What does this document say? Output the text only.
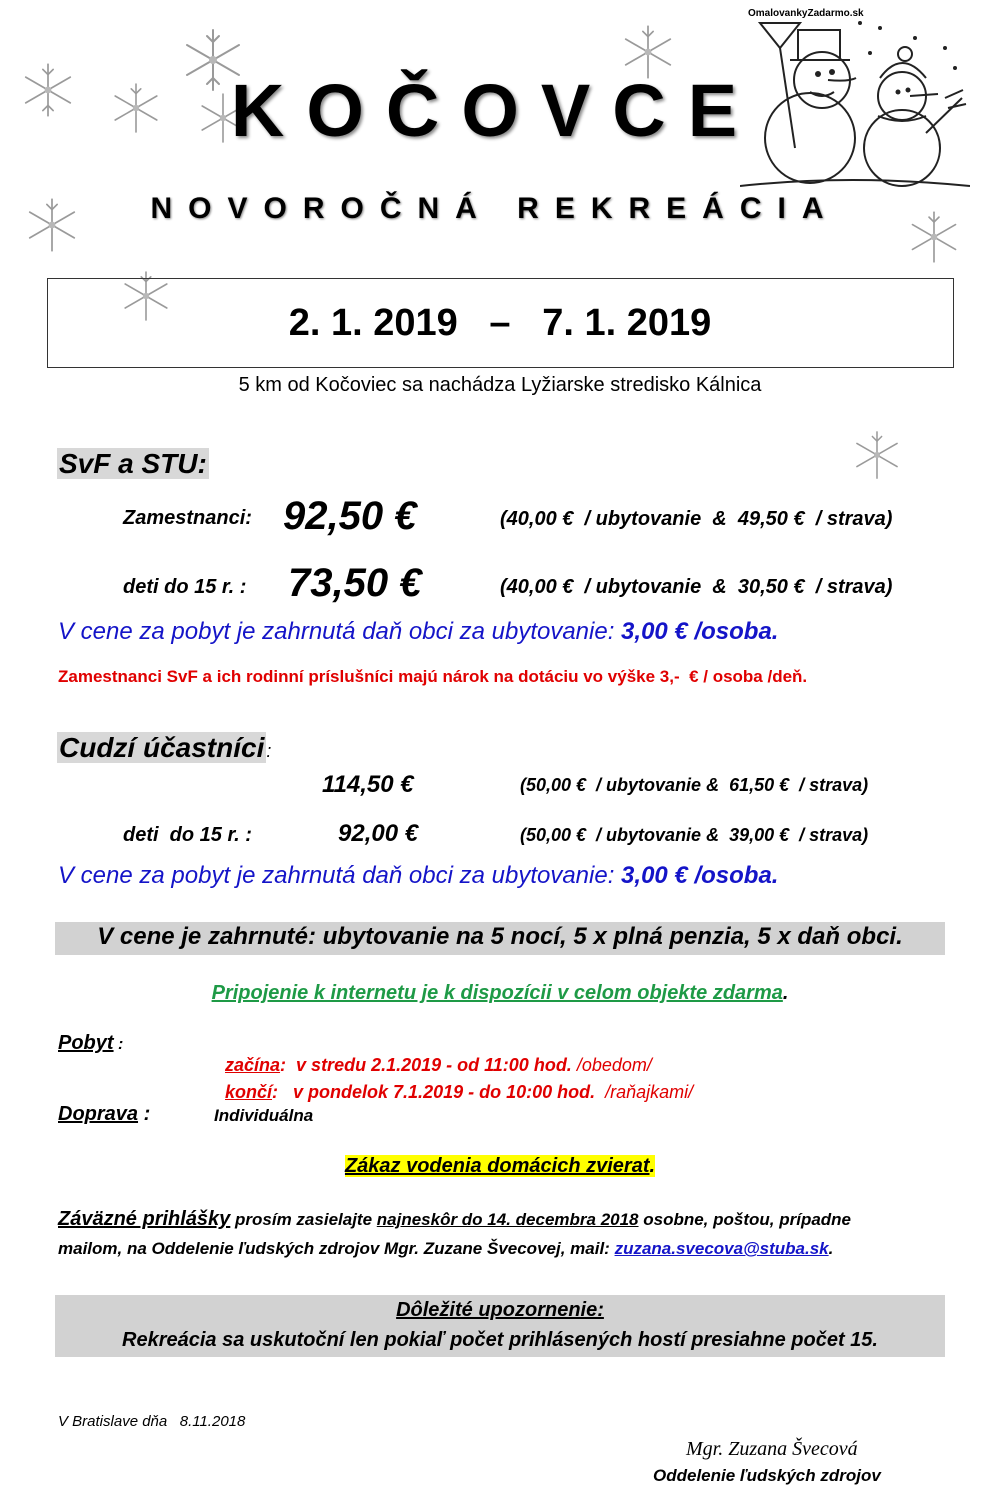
OmalovankyZadarmo.sk
KOČOVCE
NOVOROČNÁ REKREÁCIA
2. 1. 2019   –   7. 1. 2019
5 km od Kočoviec sa nachádza Lyžiarske stredisko Kálnica
SvF a STU:
Zamestnanci: 92,50 €	(40,00 €  / ubytovanie  &  49,50 €  / strava)
deti do 15 r. : 73,50 €	(40,00 €  / ubytovanie  &  30,50 €  / strava)
V cene za pobyt je zahrnutá daň obci za ubytovanie: 3,00 € /osoba.
Zamestnanci SvF a ich rodinní príslušníci majú nárok na dotáciu vo výške 3,-  € / osoba /deň.
Cudzí účastníci :
114,50 €	(50,00 €  / ubytovanie &  61,50 €  / strava)
deti  do 15 r. :	92,00 €	(50,00 €  / ubytovanie &  39,00 €  / strava)
V cene za pobyt je zahrnutá daň obci za ubytovanie: 3,00 € /osoba.
V cene je zahrnuté: ubytovanie na 5 nocí, 5 x plná penzia, 5 x daň obci.
Pripojenie k internetu je k dispozícii v celom objekte zdarma.
Pobyt :

začína:  v stredu 2.1.2019 - od 11:00 hod. /obedom/

končí:   v pondelok 7.1.2019 - do 10:00 hod.  /raňajkami/

Doprava :	Individuálna
Zákaz vodenia domácich zvierat.
Záväzné prihlášky prosím zasielajte najneskôr do 14. decembra 2018 osobne, poštou, prípadne
mailom, na Oddelenie ľudských zdrojov Mgr. Zuzane Švecovej, mail: zuzana.svecova@stuba.sk.
Dôležité upozornenie:
Rekreácia sa uskutoční len pokiaľ počet prihlásených hostí presiahne počet 15.
V Bratislave dňa   8.11.2018
Mgr. Zuzana Švecová
Oddelenie ľudských zdrojov
